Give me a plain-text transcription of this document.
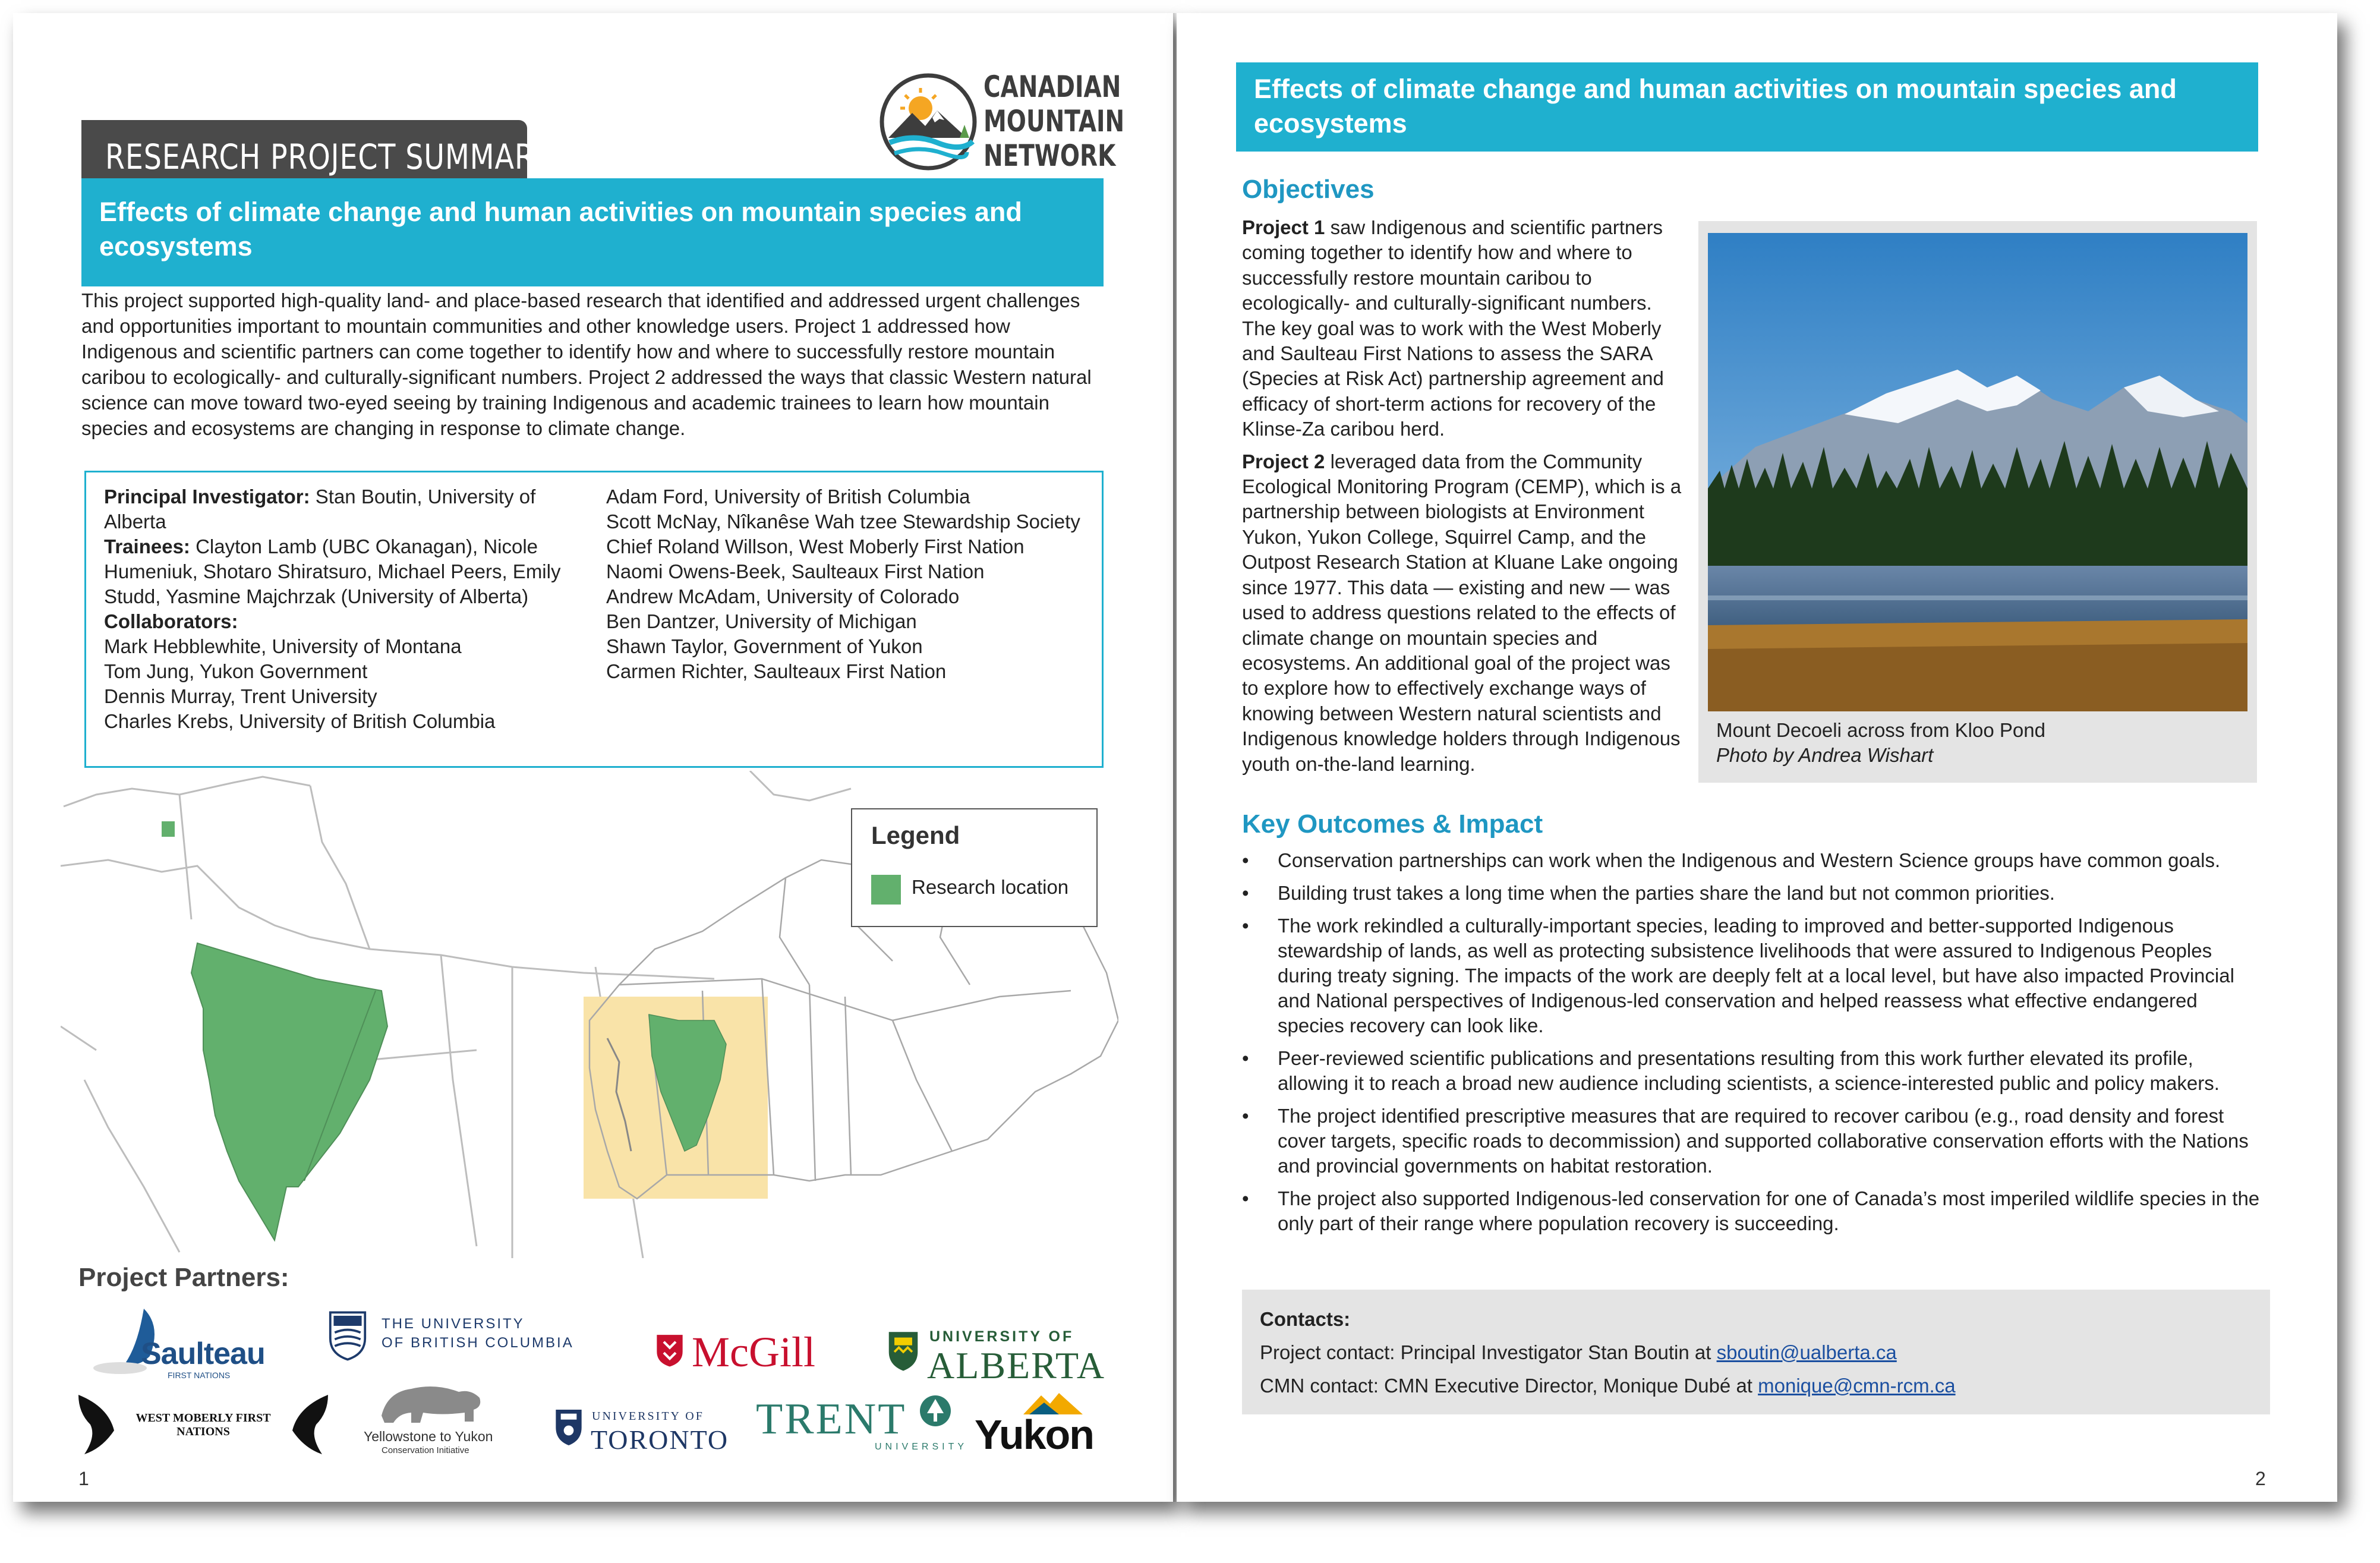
RESEARCH PROJECT SUMMARY
CANADIAN
MOUNTAIN
NETWORK
Effects of climate change and human activities on mountain species and ecosystems
This project supported high-quality land- and place-based research that identified and addressed urgent challenges and opportunities important to mountain communities and other knowledge users. Project 1 addressed how Indigenous and scientific partners can come together to identify how and where to successfully restore mountain caribou to ecologically- and culturally-significant numbers. Project 2 addressed the ways that classic Western natural science can move toward two-eyed seeing by training Indigenous and academic trainees to learn how mountain species and ecosystems are changing in response to climate change.
Principal Investigator: Stan Boutin, University of Alberta
Trainees: Clayton Lamb (UBC Okanagan), Nicole Humeniuk, Shotaro Shiratsuro, Michael Peers, Emily Studd, Yasmine Majchrzak (University of Alberta)
Collaborators:
Mark Hebblewhite, University of Montana
Tom Jung, Yukon Government
Dennis Murray, Trent University
Charles Krebs, University of British Columbia
Adam Ford, University of British Columbia
Scott McNay, Nîkanêse Wah tzee Stewardship Society
Chief Roland Willson, West Moberly First Nation
Naomi Owens-Beek, Saulteaux First Nation
Andrew McAdam, University of Colorado
Ben Dantzer, University of Michigan
Shawn Taylor, Government of Yukon
Carmen Richter, Saulteaux First Nation
Legend
Research location
Project Partners:
Saulteau
FIRST NATIONS
THE UNIVERSITY
OF BRITISH COLUMBIA	McGill	UNIVERSITY OF
ALBERTA
WEST MOBERLY FIRST NATIONS	Yellowstone to Yukon
Conservation Initiative
UNIVERSITY OF
TORONTO TRENT
UNIVERSITY Yukon
1
Effects of climate change and human activities on mountain species and ecosystems
Objectives

Project 1 saw Indigenous and scientific partners coming together to identify how and where to successfully restore mountain caribou to ecologically- and culturally-significant numbers. The key goal was to work with the West Moberly and Saulteau First Nations to assess the SARA (Species at Risk Act) partnership agreement and efficacy of short-term actions for recovery of the Klinse-Za caribou herd.

Project 2 leveraged data from the Community Ecological Monitoring Program (CEMP), which is a partnership between biologists at Environment Yukon, Yukon College, Squirrel Camp, and the Outpost Research Station at Kluane Lake ongoing since 1977. This data — existing and new — was used to address questions related to the effects of climate change on mountain species and ecosystems. An additional goal of the project was to explore how to effectively exchange ways of knowing between Western natural scientists and Indigenous knowledge holders through Indigenous youth on-the-land learning.

Mount Decoeli across from Kloo Pond
Photo by Andrea Wishart
Key Outcomes & Impact
• Conservation partnerships can work when the Indigenous and Western Science groups have common goals.
• Building trust takes a long time when the parties share the land but not common priorities.
• The work rekindled a culturally-important species, leading to improved and better-supported Indigenous stewardship of lands, as well as protecting subsistence livelihoods that were assured to Indigenous Peoples during treaty signing. The impacts of the work are deeply felt at a local level, but have also impacted Provincial and National perspectives of Indigenous-led conservation and helped reassess what effective endangered species recovery can look like.
• Peer-reviewed scientific publications and presentations resulting from this work further elevated its profile, allowing it to reach a broad new audience including scientists, a science-interested public and policy makers.
• The project identified prescriptive measures that are required to recover caribou (e.g., road density and forest cover targets, specific roads to decommission) and supported collaborative conservation efforts with the Nations and provincial governments on habitat restoration.
• The project also supported Indigenous-led conservation for one of Canada’s most imperiled wildlife species in the only part of their range where population recovery is succeeding.
Contacts:
Project contact: Principal Investigator Stan Boutin at sboutin@ualberta.ca
CMN contact: CMN Executive Director, Monique Dubé at monique@cmn-rcm.ca
2
